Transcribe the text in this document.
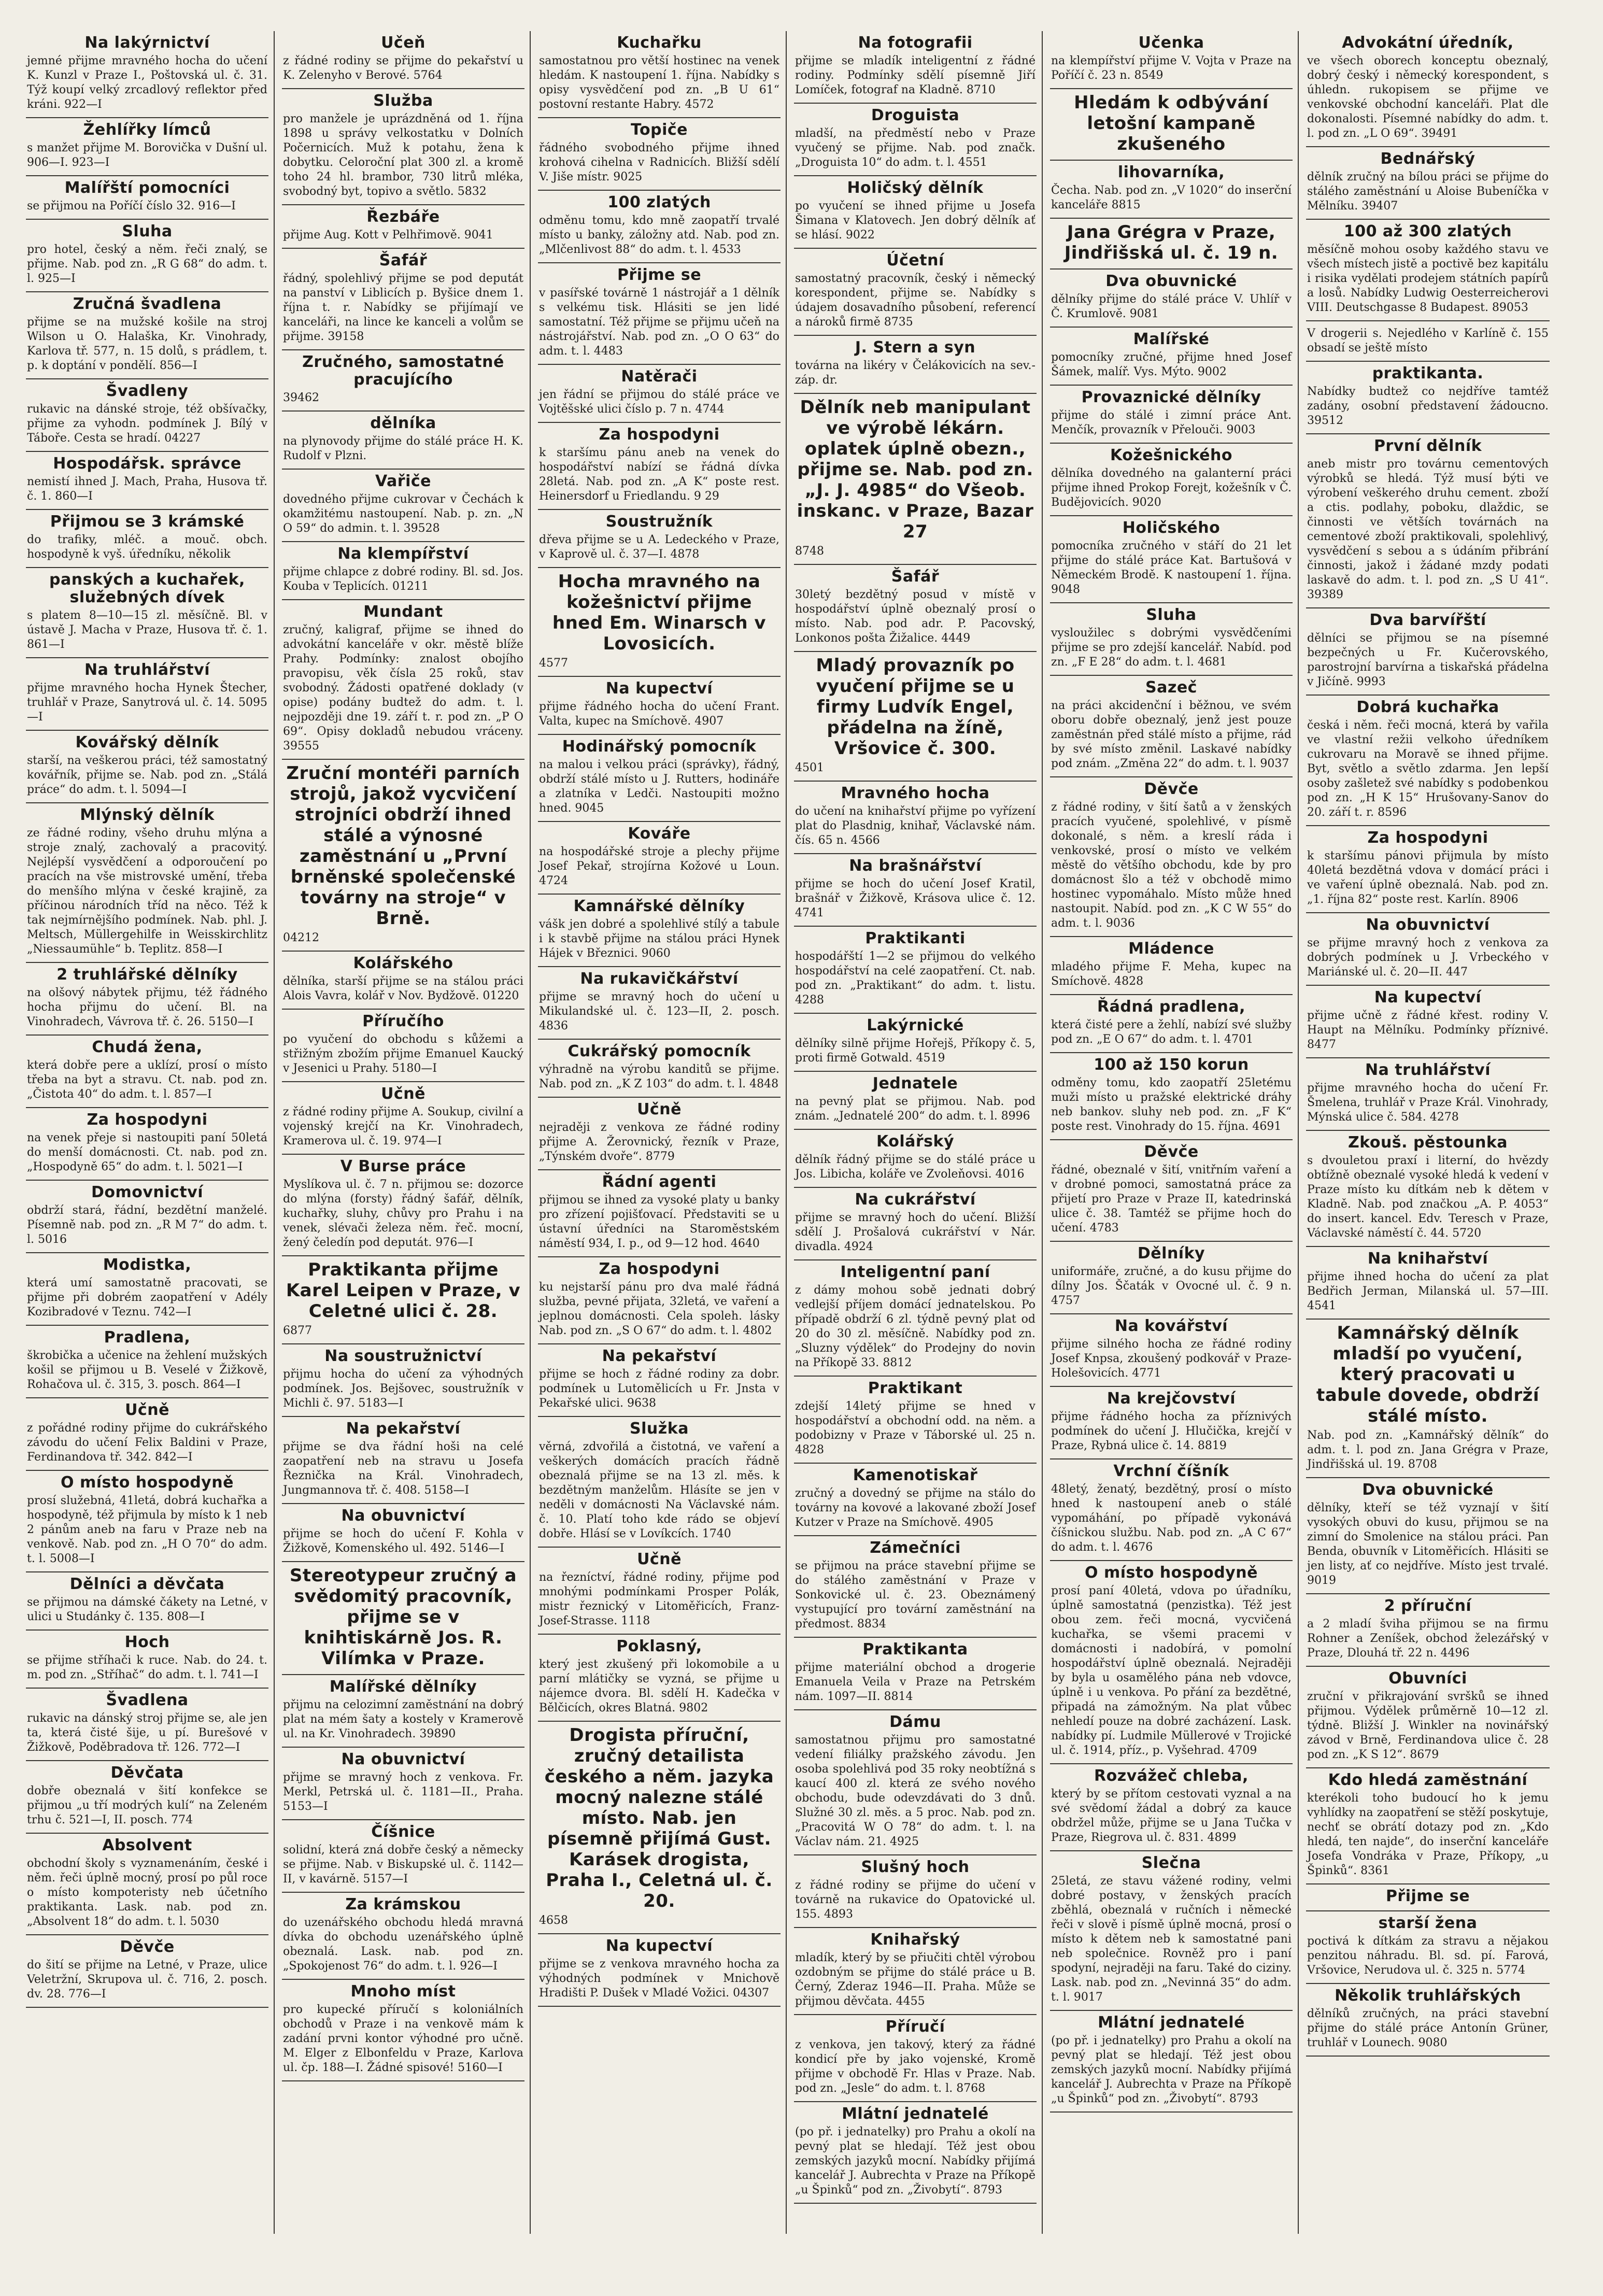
Na lakýrnictví
jemné přijme mravného hocha do učení K. Kunzl v Praze I., Poštovská ul. č. 31. Týž koupí velký zrcadlový reflektor před kráni. 922—I
Žehlířky límců
s manžet přijme M. Borovička v Dušní ul. 906—I. 923—I
Malířští pomocníci
se přijmou na Poříčí číslo 32. 916—I
Sluha
pro hotel, český a něm. řeči znalý, se přijme. Nab. pod zn. „R G 68“ do adm. t. l. 925—I
Zručná švadlena
přijme se na mužské košile na stroj Wilson u O. Halaška, Kr. Vinohrady, Karlova tř. 577, n. 15 dolů, s prádlem, t. p. k doptání v pondělí. 856—I
Švadleny
rukavic na dánské stroje, též obšívačky, přijme za vyhodn. podmínek J. Bílý v Táboře. Cesta se hradí. 04227
Hospodářsk. správce
nemistí ihned J. Mach, Praha, Husova tř. č. 1. 860—I
Přijmou se 3 krámské
do trafiky, mléč. a mouč. obch. hospodyně k vyš. úředníku, několik
panských a kuchařek, služebných dívek
s platem 8—10—15 zl. měsíčně. Bl. v ústavě J. Macha v Praze, Husova tř. č. 1. 861—I
Na truhlářství
přijme mravného hocha Hynek Štecher, truhlář v Praze, Sanytrová ul. č. 14. 5095—I
Kovářský dělník
starší, na veškerou práci, též samostatný kovářník, přijme se. Nab. pod zn. „Stálá práce“ do adm. t. l. 5094—I
Mlýnský dělník
ze řádné rodiny, všeho druhu mlýna a stroje znalý, zachovalý a pracovitý. Nejlépší vysvědčení a odporoučení po pracích na vše mistrovské umění, třeba do menšího mlýna v české krajině, za příčinou národních tříd na něco. Též k tak nejmírnějšího podmínek. Nab. phl. J. Meltsch, Müllergehilfe in Weisskirchlitz „Niessaumühle“ b. Teplitz. 858—I
2 truhlářské dělníky
na olšový nábytek přijmu, též řádného hocha přijmu do učení. Bl. na Vinohradech, Vávrova tř. č. 26. 5150—I
Chudá žena,
která dobře pere a uklízí, prosí o místo třeba na byt a stravu. Ct. nab. pod zn. „Čistota 40“ do adm. t. l. 857—I
Za hospodyni
na venek přeje si nastoupiti paní 50letá do menší domácnosti. Ct. nab. pod zn. „Hospodyně 65“ do adm. t. l. 5021—I
Domovnictví
obdrží stará, řádní, bezdětní manželé. Písemně nab. pod zn. „R M 7“ do adm. t. l. 5016
Modistka,
která umí samostatně pracovati, se přijme při dobrém zaopatření v Adély Kozibradové v Teznu. 742—I
Pradlena,
škrobička a učenice na žehlení mužských košil se přijmou u B. Veselé v Žižkově, Rohačova ul. č. 315, 3. posch. 864—I
Učně
z pořádné rodiny přijme do cukrářského závodu do učení Felix Baldini v Praze, Ferdinandova tř. 342. 842—I
O místo hospodyně
prosí služebná, 41letá, dobrá kuchařka a hospodyně, též přijmula by místo k 1 neb 2 pánům aneb na faru v Praze neb na venkově. Nab. pod zn. „H O 70“ do adm. t. l. 5008—I
Dělníci a děvčata
se přijmou na dámské čákety na Letné, v ulici u Studánky č. 135. 808—I
Hoch
se přijme stříhači k ruce. Nab. do 24. t. m. pod zn. „Stříhač“ do adm. t. l. 741—I
Švadlena
rukavic na dánský stroj přijme se, ale jen ta, která čisté šije, u pí. Burešové v Žižkově, Poděbradova tř. 126. 772—I
Děvčata
dobře obeznalá v šití konfekce se přijmou „u tří modrých kulí“ na Zeleném trhu č. 521—I, II. posch. 774
Absolvent
obchodní školy s vyznamenáním, české i něm. řeči úplně mocný, prosí po půl roce o místo kompoteristy neb účetního praktikanta. Lask. nab. pod zn. „Absolvent 18“ do adm. t. l. 5030
Děvče
do šití se přijme na Letné, v Praze, ulice Veletržní, Skrupova ul. č. 716, 2. posch. dv. 28. 776—I
Učeň
z řádné rodiny se přijme do pekařství u K. Zelenyho v Berové. 5764
Služba
pro manžele je uprázdněná od 1. října 1898 u správy velkostatku v Dolních Počernicích. Muž k potahu, žena k dobytku. Celoroční plat 300 zl. a kromě toho 24 hl. brambor, 730 litrů mléka, svobodný byt, topivo a světlo. 5832
Řezbáře
přijme Aug. Kott v Pelhřimově. 9041
Šafář
řádný, spolehlivý přijme se pod deputát na panství v Liblicích p. Byšice dnem 1. října t. r. Nabídky se přijímají ve kanceláři, na lince ke kanceli a volům se přijme. 39158
Zručného, samostatné pracujícího
39462
dělníka
na plynovody přijme do stálé práce H. K. Rudolf v Plzni.
Vařiče
dovedného přijme cukrovar v Čechách k okamžitému nastoupení. Nab. p. zn. „N O 59“ do admin. t. l. 39528
Na klempířství
přijme chlapce z dobré rodiny. Bl. sd. Jos. Kouba v Teplicích. 01211
Mundant
zručný, kaligraf, přijme se ihned do advokátní kanceláře v okr. městě blíže Prahy. Podmínky: znalost obojího pravopisu, věk čísla 25 roků, stav svobodný. Žádosti opatřené doklady (v opise) podány budtež do adm. t. l. nejpozději dne 19. září t. r. pod zn. „P O 69“. Opisy dokladů nebudou vráceny. 39555
Zruční montéři parních strojů, jakož vycvičení strojníci obdrží ihned stálé a výnosné zaměstnání u „První brněnské společenské továrny na stroje“ v Brně.
04212
Kolářského
dělníka, starší přijme se na stálou práci Alois Vavra, kolář v Nov. Bydžově. 01220
Příručího
po vyučení do obchodu s kůžemi a střižným zbožím přijme Emanuel Kaucký v Jesenici u Prahy. 5180—I
Učně
z řádné rodiny přijme A. Soukup, civilní a vojenský krejčí na Kr. Vinohradech, Kramerova ul. č. 19. 974—I
V Burse práce
Myslíkova ul. č. 7 n. přijmou se: dozorce do mlýna (forsty) řádný šafář, dělník, kuchařky, sluhy, chůvy pro Prahu i na venek, slévači železa něm. řeč. mocní, žený čeledín pod deputát. 976—I
Praktikanta přijme Karel Leipen v Praze, v Celetné ulici č. 28.
6877
Na soustružnictví
přijmu hocha do učení za výhodných podmínek. Jos. Bejšovec, soustružník v Michli č. 97. 5183—I
Na pekařství
přijme se dva řádní hoši na celé zaopatření neb na stravu u Josefa Řeznička na Král. Vinohradech, Jungmannova tř. č. 408. 5158—I
Na obuvnictví
přijme se hoch do učení F. Kohla v Žižkově, Komenského ul. 492. 5146—I
Stereotypeur zručný a svědomitý pracovník, přijme se v knihtiskárně Jos. R. Vilímka v Praze.
Malířské dělníky
přijmu na celozimní zaměstnání na dobrý plat na mém šaty a kostely v Kramerově ul. na Kr. Vinohradech. 39890
Na obuvnictví
přijme se mravný hoch z venkova. Fr. Merkl, Petrská ul. č. 1181—II., Praha. 5153—I
Číšnice
solidní, která zná dobře český a německy se přijme. Nab. v Biskupské ul. č. 1142—II, v kavárně. 5157—I
Za krámskou
do uzenářského obchodu hledá mravná dívka do obchodu uzenářského úplně obeznalá. Lask. nab. pod zn. „Spokojenost 76“ do adm. t. l. 926—I
Mnoho míst
pro kupecké příručí s koloniálních obchodů v Praze i na venkově mám k zadání prvni kontor výhodné pro učně. M. Elger z Elbonfeldu v Praze, Karlova ul. čp. 188—I. Žádné spisové! 5160—I
Kuchařku
samostatnou pro větší hostinec na venek hledám. K nastoupení 1. října. Nabídky s opisy vysvědčení pod zn. „B U 61“ postovní restante Habry. 4572
Topiče
řádného svobodného přijme ihned krohová cihelna v Radnicích. Bližší sdělí V. Jiše místr. 9025
100 zlatých
odměnu tomu, kdo mně zaopatří trvalé místo u banky, záložny atd. Nab. pod zn. „Mlčenlivost 88“ do adm. t. l. 4533
Přijme se
v pasířské továrně 1 nástrojář a 1 dělník s velkému tisk. Hlásiti se jen lidé samostatní. Též přijme se přijmu učeň na nástrojářství. Nab. pod zn. „O O 63“ do adm. t. l. 4483
Natěrači
jen řádní se přijmou do stálé práce ve Vojtěšské ulici číslo p. 7 n. 4744
Za hospodyni
k staršímu pánu aneb na venek do hospodářství nabízí se řádná dívka 28letá. Nab. pod zn. „A K“ poste rest. Heinersdorf u Friedlandu. 9 29
Soustružník
dřeva přijme se u A. Ledeckého v Praze, v Kaprově ul. č. 37—I. 4878
Hocha mravného na kožešnictví přijme hned Em. Winarsch v Lovosicích.
4577
Na kupectví
přijme řádného hocha do učení Frant. Valta, kupec na Smíchově. 4907
Hodinářský pomocník
na malou i velkou práci (správky), řádný, obdrží stálé místo u J. Rutters, hodináře a zlatníka v Ledči. Nastoupiti možno hned. 9045
Kováře
na hospodářské stroje a plechy přijme Josef Pekař, strojírna Kožové u Loun. 4724
Kamnářské dělníky
vášk jen dobré a spolehlivé stílý a tabule i k stavbě přijme na stálou práci Hynek Hájek v Březnici. 9060
Na rukavičkářství
přijme se mravný hoch do učení u Mikulandské ul. č. 123—II, 2. posch. 4836
Cukrářský pomocník
výhradně na výrobu kanditů se přijme. Nab. pod zn. „K Z 103“ do adm. t. l. 4848
Učně
nejraději z venkova ze řádné rodiny přijme A. Žerovnický, řezník v Praze, „Týnském dvoře“. 8779
Řádní agenti
přijmou se ihned za vysoké platy u banky pro zřízení pojišťovací. Představiti se u ústavní úředníci na Staroměstském náměstí 934, I. p., od 9—12 hod. 4640
Za hospodyni
ku nejstarší pánu pro dva malé řádná služba, pevné přijata, 32letá, ve vaření a jeplnou domácnosti. Cela spoleh. lásky Nab. pod zn. „S O 67“ do adm. t. l. 4802
Na pekařství
přijme se hoch z řádné rodiny za dobr. podmínek u Lutomělicích u Fr. Jnsta v Pekařské ulici. 9638
Služka
věrná, zdvořilá a čistotná, ve vaření a veškerých domácích pracích řádně obeznalá přijme se na 13 zl. měs. k bezdětným manželům. Hlásíte se jen v neděli v domácnosti Na Václavské nám. č. 10. Platí toho kde rádo se objeví dobře. Hlásí se v Lovíkcích. 1740
Učně
na řezníctví, řádné rodiny, přijme pod mnohými podmínkami Prosper Polák, mistr řeznický v Litoměřicích, Franz-Josef-Strasse. 1118
Poklasný,
který jest zkušený při lokomobile a u parní mlátičky se vyzná, se přijme u nájemce dvora. Bl. sdělí H. Kadečka v Bělčicích, okres Blatná. 9802
Drogista příruční, zručný detailista českého a něm. jazyka mocný nalezne stálé místo. Nab. jen písemně přijímá Gust. Karásek drogista, Praha I., Celetná ul. č. 20.
4658
Na kupectví
přijme se z venkova mravného hocha za výhodných podmínek v Mnichově Hradišti P. Dušek v Mladé Vožici. 04307
Na fotografii
přijme se mladík inteligentní z řádné rodiny. Podmínky sdělí písemně Jiří Lomíček, fotograf na Kladně. 8710
Droguista
mladší, na předměstí nebo v Praze vyučený se přijme. Nab. pod značk. „Droguista 10“ do adm. t. l. 4551
Holičský dělník
po vyučení se ihned přijme u Josefa Šimana v Klatovech. Jen dobrý dělník ať se hlásí. 9022
Účetní
samostatný pracovník, český i německý korespondent, přijme se. Nabídky s údajem dosavadního působení, referencí a nároků firmě 8735
J. Stern a syn
továrna na likéry v Čelákovicích na sev.-záp. dr.
Dělník neb manipulant ve výrobě lékárn. oplatek úplně obezn., přijme se. Nab. pod zn. „J. J. 4985“ do Všeob. inskanc. v Praze, Bazar 27
8748
Šafář
30letý bezdětný posud v místě v hospodářství úplně obeznalý prosí o místo. Nab. pod adr. P. Pacovský, Lonkonos pošta Žižalice. 4449
Mladý provazník po vyučení přijme se u firmy Ludvík Engel, přádelna na žíně, Vršovice č. 300.
4501
Mravného hocha
do učení na knihařství přijme po vyřízení plat do Plasdnig, knihař, Václavské nám. čís. 65 n. 4566
Na brašnářství
přijme se hoch do učení Josef Kratil, brašnář v Žižkově, Krásova ulice č. 12. 4741
Praktikanti
hospodářští 1—2 se přijmou do velkého hospodářství na celé zaopatření. Ct. nab. pod zn. „Praktikant“ do adm. t. listu. 4288
Lakýrnické
dělníky silně přijme Hořejš, Příkopy č. 5, proti firmě Gotwald. 4519
Jednatele
na pevný plat se přijmou. Nab. pod znám. „Jednatelé 200“ do adm. t. l. 8996
Kolářský
dělník řádný přijme se do stálé práce u Jos. Libicha, koláře ve Zvoleňovsi. 4016
Na cukrářství
přijme se mravný hoch do učení. Bližší sdělí J. Prošalová cukrářství v Nár. divadla. 4924
Inteligentní paní
z dámy mohou sobě jednati dobrý vedlejší příjem domácí jednatelskou. Po případě obdrží 6 zl. týdně pevný plat od 20 do 30 zl. měsíčně. Nabídky pod zn. „Sluzny výdělek“ do Prodejny do novin na Příkopě 33. 8812
Praktikant
zdejší 14letý přijme se hned v hospodářství a obchodní odd. na něm. a podobizny v Praze v Táborské ul. 25 n. 4828
Kamenotiskař
zručný a dovedný se přijme na stálo do továrny na kovové a lakované zboží Josef Kutzer v Praze na Smíchově. 4905
Zámečníci
se přijmou na práce stavební přijme se do stálého zaměstnání v Praze v Sonkovické ul. č. 23. Obeznámený vystupující pro tovární zaměstnání na předmost. 8834
Praktikanta
přijme materiální obchod a drogerie Emanuela Veila v Praze na Petrském nám. 1097—II. 8814
Dámu
samostatnou přijmu pro samostatné vedení filiálky pražského závodu. Jen osoba spolehlivá pod 35 roky neobtížná s kaucí 400 zl. která ze svého nového obchodu, bude odevzdávati do 3 dnů. Služné 30 zl. měs. a 5 proc. Nab. pod zn. „Pracovitá W O 78“ do adm. t. l. na Václav nám. 21. 4925
Slušný hoch
z řádné rodiny se přijme do učení v továrně na rukavice do Opatovické ul. 155. 4893
Knihařský
mladík, který by se přiučiti chtěl výrobou ozdobným se přijme do stálé práce u B. Černý, Zderaz 1946—II. Praha. Může se přijmou děvčata. 4455
Příručí
z venkova, jen takový, který za řádné kondicí pře by jako vojenské, Kromě přijme v obchodě Fr. Hlas v Praze. Nab. pod zn. „Jesle“ do adm. t. l. 8768
Mlátní jednatelé
(po př. i jednatelky) pro Prahu a okolí na pevný plat se hledají. Též jest obou zemských jazyků mocní. Nabídky přijímá kancelář J. Aubrechta v Praze na Příkopě „u Špinků“ pod zn. „Živobytí“. 8793
Učenka
na klempířství přijme V. Vojta v Praze na Poříčí č. 23 n. 8549
Hledám k odbývání letošní kampaně zkušeného
lihovarníka,
Čecha. Nab. pod zn. „V 1020“ do inserční kanceláře 8815
Jana Grégra v Praze, Jindřišská ul. č. 19 n.
Dva obuvnické
dělníky přijme do stálé práce V. Uhlíř v Č. Krumlově. 9081
Malířské
pomocníky zručné, přijme hned Josef Šámek, malíř. Vys. Mýto. 9002
Provaznické dělníky
přijme do stálé i zimní práce Ant. Menčík, provazník v Přelouči. 9003
Kožešnického
dělníka dovedného na galanterní práci přijme ihned Prokop Forejt, kožešník v Č. Budějovicích. 9020
Holičského
pomocníka zručného v stáří do 21 let přijme do stálé práce Kat. Bartušová v Německém Brodě. K nastoupení 1. října. 9048
Sluha
vysloužilec s dobrými vysvědčeními přijme se pro zdejší kancelář. Nabíd. pod zn. „F E 28“ do adm. t. l. 4681
Sazeč
na práci akcidenční i běžnou, ve svém oboru dobře obeznalý, jenž jest pouze zaměstnán před stálé místo a přijme, rád by své místo změnil. Laskavé nabídky pod znám. „Změna 22“ do adm. t. l. 9037
Děvče
z řádné rodiny, v šití šatů a v ženských pracích vyučené, spolehlivé, v písmě dokonalé, s něm. a kreslí ráda i venkovské, prosí o místo ve velkém městě do většího obchodu, kde by pro domácnost šlo a též v obchodě mimo hostinec vypomáhalo. Místo může hned nastoupit. Nabíd. pod zn. „K C W 55“ do adm. t. l. 9036
Mládence
mladého přijme F. Meha, kupec na Smíchově. 4828
Řádná pradlena,
která čisté pere a žehlí, nabízí své služby pod zn. „E O 67“ do adm. t. l. 4701
100 až 150 korun
odměny tomu, kdo zaopatří 25letému muži místo u pražské elektrické dráhy neb bankov. sluhy neb pod. zn. „F K“ poste rest. Vinohrady do 15. října. 4691
Děvče
řádné, obeznalé v šití, vnitřním vaření a v drobné pomoci, samostatná práce za přijetí pro Praze v Praze II, katedrinská ulice č. 38. Tamtéž se přijme hoch do učení. 4783
Dělníky
uniformáře, zručné, a do kusu přijme do dílny Jos. Ščaták v Ovocné ul. č. 9 n. 4757
Na kovářství
přijme silného hocha ze řádné rodiny Josef Knpsa, zkoušený podkovář v Praze-Holešovicích. 4771
Na krejčovství
přijme řádného hocha za příznivých podmínek do učení J. Hlučička, krejčí v Praze, Rybná ulice č. 14. 8819
Vrchní číšník
48letý, ženatý, bezdětný, prosí o místo hned k nastoupení aneb o stálé vypomáhání, po případě vykonává číšnickou službu. Nab. pod zn. „A C 67“ do adm. t. l. 4676
O místo hospodyně
prosí paní 40letá, vdova po úřadníku, úplně samostatná (penzistka). Též jest obou zem. řeči mocná, vycvičená kuchařka, se všemi pracemi v domácnosti i nadobírá, v pomolní hospodářství úplně obeznalá. Nejraději by byla u osamělého pána neb vdovce, úplně i u venkova. Po přání za bezdětné, připadá na zámožným. Na plat vůbec nehledí pouze na dobré zacházení. Lask. nabídky pí. Ludmile Müllerové v Trojické ul. č. 1914, příz., p. Vyšehrad. 4709
Rozvážeč chleba,
který by se přítom cestovati vyznal a na své svědomí žádal a dobrý za kauce obdržel může, přijme se u Jana Tučka v Praze, Riegrova ul. č. 831. 4899
Slečna
25letá, ze stavu vážené rodiny, velmi dobré postavy, v ženských pracích zběhlá, obeznalá v ručních i německé řeči v slově i písmě úplně mocná, prosí o místo k dětem neb k samostatné pani neb společnice. Rovněž pro i paní spodyní, nejraději na faru. Také do ciziny. Lask. nab. pod zn. „Nevinná 35“ do adm. t. l. 9017
Mlátní jednatelé
(po př. i jednatelky) pro Prahu a okolí na pevný plat se hledají. Též jest obou zemských jazyků mocní. Nabídky přijímá kancelář J. Aubrechta v Praze na Příkopě „u Špinků“ pod zn. „Živobytí“. 8793
Advokátní úředník,
ve všech oborech konceptu obeznalý, dobrý český i německý korespondent, s úhledn. rukopisem se přijme ve venkovské obchodní kanceláři. Plat dle dokonalosti. Písemné nabídky do adm. t. l. pod zn. „L O 69“. 39491
Bednářský
dělník zručný na bílou práci se přijme do stálého zaměstnání u Aloise Bubeníčka v Mělníku. 39407
100 až 300 zlatých
měsíčně mohou osoby každého stavu ve všech místech jistě a poctivě bez kapitálu i risika vydělati prodejem státních papírů a losů. Nabídky Ludwig Oesterreicherovi VIII. Deutschgasse 8 Budapest. 89053
V drogerii s. Nejedlého v Karlíně č. 155 obsadí se ještě místo
praktikanta.
Nabídky budtež co nejdříve tamtéž zadány, osobní představení žádoucno. 39512
První dělník
aneb mistr pro továrnu cementových výrobků se hledá. Týž musí býti ve výrobení veškerého druhu cement. zboží a ctis. podlahy, poboku, dlaždic, se činnosti ve větších továrnách na cementové zboží praktikovali, spolehlivý, vysvědčení s sebou a s údáním přibrání činnosti, jakož i žádané mzdy podati laskavě do adm. t. l. pod zn. „S U 41“. 39389
Dva barvířští
dělníci se přijmou se na písemné bezpečných u Fr. Kučerovského, parostrojní barvírna a tiskařská přádelna v Jičíně. 9993
Dobrá kuchařka
česká i něm. řeči mocná, která by vařila ve vlastní režii velkoho úředníkem cukrovaru na Moravě se ihned přijme. Byt, světlo a světlo zdarma. Jen lepší osoby zašletež své nabídky s podobenkou pod zn. „H K 15“ Hrušovany-Sanov do 20. září t. r. 8596
Za hospodyni
k staršímu pánovi přijmula by místo 40letá bezdětná vdova v domácí práci i ve vaření úplně obeznalá. Nab. pod zn. „1. října 82“ poste rest. Karlín. 8906
Na obuvnictví
se přijme mravný hoch z venkova za dobrých podmínek u J. Vrbeckého v Mariánské ul. č. 20—II. 447
Na kupectví
přijme učně z řádné křest. rodiny V. Haupt na Mělníku. Podmínky příznivé. 8477
Na truhlářství
přijme mravného hocha do učení Fr. Šmelena, truhlář v Praze Král. Vinohrady, Mýnská ulice č. 584. 4278
Zkouš. pěstounka
s dvouletou praxí i literní, do hvězdy obtížně obeznalé vysoké hledá k vedení v Praze místo ku dítkám neb k dětem v Kladně. Nab. pod značkou „A. P. 4053“ do insert. kancel. Edv. Teresch v Praze, Václavské náměstí č. 44. 5720
Na knihařství
přijme ihned hocha do učení za plat Bedřich Jerman, Milanská ul. 57—III. 4541
Kamnářský dělník mladší po vyučení, který pracovati u tabule dovede, obdrží stálé místo.
Nab. pod zn. „Kamnářský dělník“ do adm. t. l. pod zn. Jana Grégra v Praze, Jindřišská ul. 19. 8708
Dva obuvnické
dělníky, kteří se též vyznají v šití vysokých obuvi do kusu, přijmou se na zimní do Smolenice na stálou práci. Pan Benda, obuvník v Litoměřicích. Hlásiti se jen listy, ať co nejdříve. Místo jest trvalé. 9019
2 příruční
a 2 mladí šviha přijmou se na firmu Rohner a Zeníšek, obchod železářský v Praze, Dlouhá tř. 22 n. 4496
Obuvníci
zruční v přikrajování svršků se ihned přijmou. Výdělek průměrně 10—12 zl. týdně. Bližší J. Winkler na novinářský závod v Brně, Ferdinandova ulice č. 28 pod zn. „K S 12“. 8679
Kdo hledá zaměstnání
kterékoli toho budoucí ho k jemu vyhlídky na zaopatření se stěží poskytuje, nechť se obrátí dotazy pod zn. „Kdo hledá, ten najde“, do inserční kanceláře Josefa Vondráka v Praze, Příkopy, „u Špinků“. 8361
Přijme se
starší žena
poctivá k dítkám za stravu a nějakou penzitou náhradu. Bl. sd. pí. Farová, Vršovice, Nerudova ul. č. 325 n. 5774
Několik truhlářských
dělníků zručných, na práci stavební přijme do stálé práce Antonín Grüner, truhlář v Lounech. 9080
